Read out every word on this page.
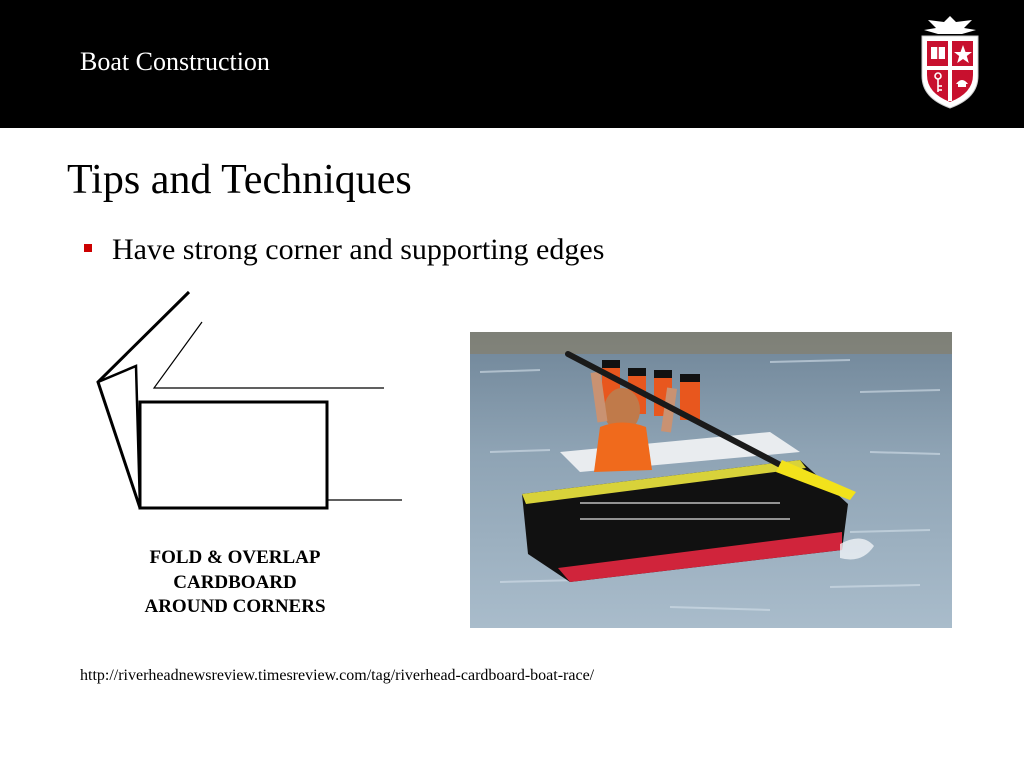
Boat Construction
Tips and Techniques
Have strong corner and supporting edges
FOLD & OVERLAP
CARDBOARD
AROUND CORNERS
http://riverheadnewsreview.timesreview.com/tag/riverhead-cardboard-boat-race/
